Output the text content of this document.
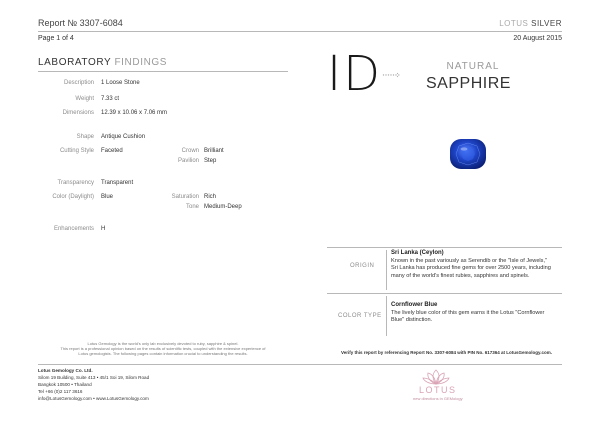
Report № 3307-6084	LOTUS SILVER
Page 1 of 4	20 August 2015
LABORATORY FINDINGS
Description 1 Loose Stone
Weight 7.33 ct
Dimensions 12.39 x 10.06 x 7.06 mm
Shape Antique Cushion
Cutting Style Faceted	Crown Brilliant
Pavilion Step
Transparency Transparent
Color (Daylight) Blue	Saturation Rich
Tone Medium-Deep
Enhancements H
ID	NATURAL
SAPPHIRE
ORIGIN
Sri Lanka (Ceylon)
Known in the past variously as Serendib or the "Isle of Jewels,"
Sri Lanka has produced fine gems for over 2500 years, including
many of the world's finest rubies, sapphires and spinels.
COLOR TYPE
Cornflower Blue
The lively blue color of this gem earns it the Lotus "Cornflower
Blue" distinction.
Lotus Gemology is the world's only lab exclusively devoted to ruby, sapphire & spinel.
This report is a professional opinion based on the results of scientific tests, coupled with the extensive experience of
Lotus gemologists. The following pages contain information crucial to understanding the results.	Verify this report by referencing Report No. 3307-6084 with PIN No. 617364 at LotusGemology.com.
Lotus Gemology Co. Ltd.
Silom 19 Building, Suite 413 • 45/1 Soi 19, Silom Road
Bangkok 10500 • Thailand
Tel +66 (0)2 117 3616
info@LotusGemology.com • www.LotusGemology.com
LOTUS
new directions in GEMology
